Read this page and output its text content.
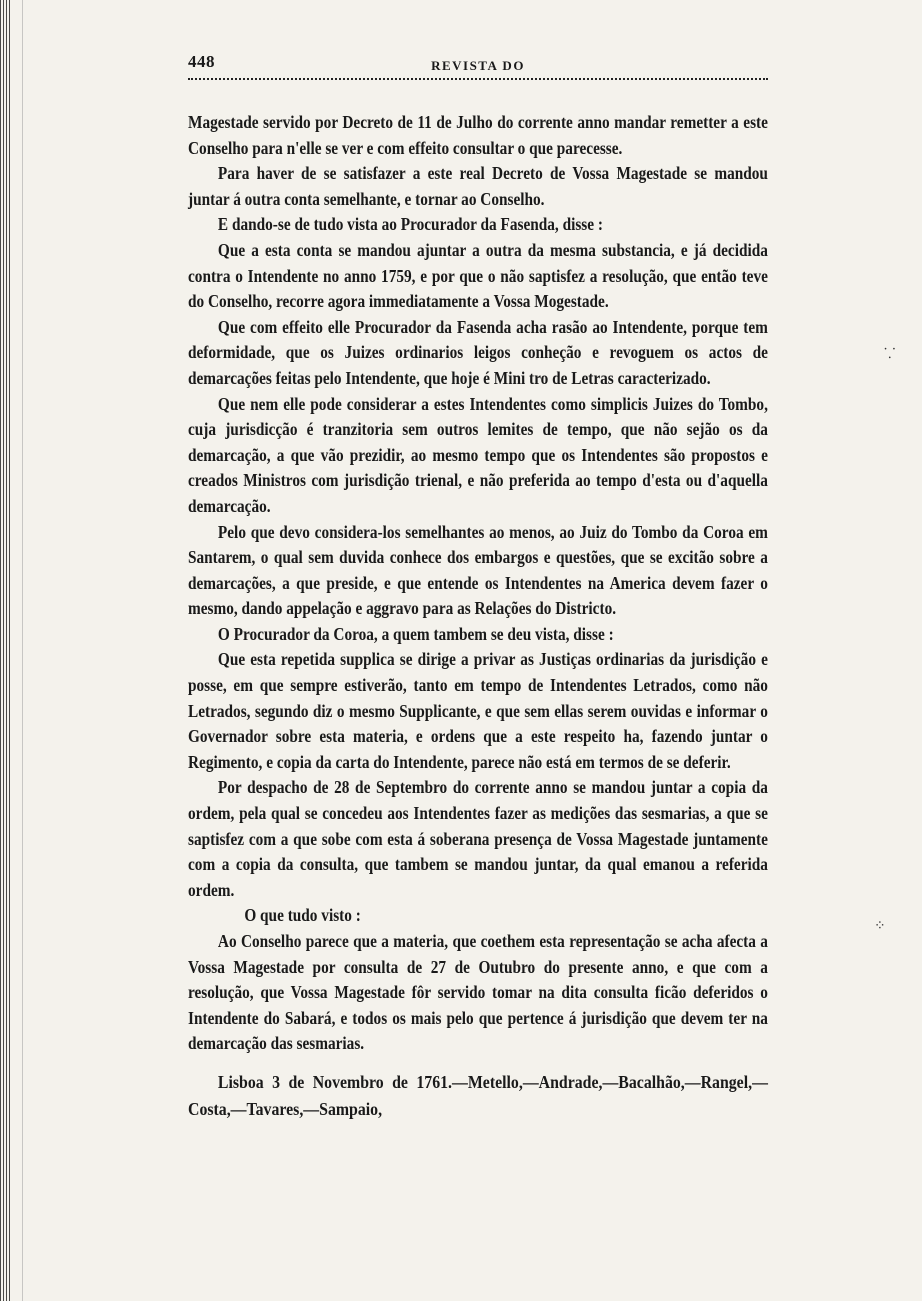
448	REVISTA DO

Magestade servido por Decreto de 11 de Julho do corrente anno mandar remetter a este Conselho para n'elle se ver e com effeito consultar o que parecesse.

Para haver de se satisfazer a este real Decreto de Vossa Magestade se mandou juntar á outra conta semelhante, e tornar ao Conselho.

E dando-se de tudo vista ao Procurador da Fasenda, disse :

Que a esta conta se mandou ajuntar a outra da mesma substancia, e já decidida contra o Intendente no anno 1759, e por que o não saptisfez a resolução, que então teve do Conselho, recorre agora immediatamente a Vossa Mogestade.

Que com effeito elle Procurador da Fasenda acha rasão ao Intendente, porque tem deformidade, que os Juizes ordinarios leigos conheção e revoguem os actos de demarcações feitas pelo Intendente, que hoje é Mini tro de Letras caracterizado.

Que nem elle pode considerar a estes Intendentes como simplicis Juizes do Tombo, cuja jurisdicção é tranzitoria sem outros lemites de tempo, que não sejão os da demarcação, a que vão prezidir, ao mesmo tempo que os Intendentes são propostos e creados Ministros com jurisdição trienal, e não preferida ao tempo d'esta ou d'aquella demarcação.

Pelo que devo considera-los semelhantes ao menos, ao Juiz do Tombo da Coroa em Santarem, o qual sem duvida conhece dos embargos e questões, que se excitão sobre a demarcações, a que preside, e que entende os Intendentes na America devem fazer o mesmo, dando appelação e aggravo para as Relações do Districto.

O Procurador da Coroa, a quem tambem se deu vista, disse :

Que esta repetida supplica se dirige a privar as Justiças ordinarias da jurisdição e posse, em que sempre estiverão, tanto em tempo de Intendentes Letrados, como não Letrados, segundo diz o mesmo Supplicante, e que sem ellas serem ouvidas e informar o Governador sobre esta materia, e ordens que a este respeito ha, fazendo juntar o Regimento, e copia da carta do Intendente, parece não está em termos de se deferir.

Por despacho de 28 de Septembro do corrente anno se mandou juntar a copia da ordem, pela qual se concedeu aos Intendentes fazer as medições das sesmarias, a que se saptisfez com a que sobe com esta á soberana presença de Vossa Magestade juntamente com a copia da consulta, que tambem se mandou juntar, da qual emanou a referida ordem.

O que tudo visto :

Ao Conselho parece que a materia, que coethem esta representação se acha afecta a Vossa Magestade por consulta de 27 de Outubro do presente anno, e que com a resolução, que Vossa Magestade fôr servido tomar na dita consulta ficão deferidos o Intendente do Sabará, e todos os mais pelo que pertence á jurisdição que devem ter na demarcação das sesmarias.

Lisboa 3 de Novembro de 1761.—Metello,—Andrade,—Bacalhão,—Rangel,—Costa,—Tavares,—Sampaio,

⸪
⁘
